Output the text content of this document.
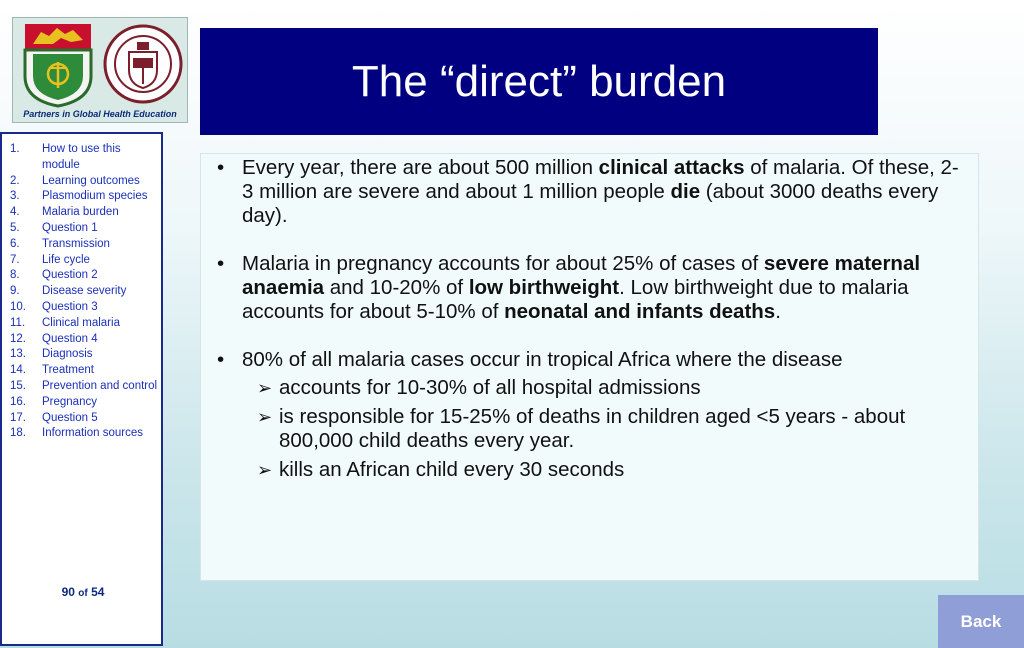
Partners in Global Health Education
The “direct” burden
1. How to use this module
2. Learning outcomes
3. Plasmodium species
4. Malaria burden
5. Question 1
6. Transmission
7. Life cycle
8. Question 2
9. Disease severity
10. Question 3
11. Clinical malaria
12. Question 4
13. Diagnosis
14. Treatment
15. Prevention and control
16. Pregnancy
17. Question 5
18. Information sources
90 of 54
• Every year, there are about 500 million clinical attacks of malaria. Of these, 2-3 million are severe and about 1 million people die (about 3000 deaths every day).
• Malaria in pregnancy accounts for about 25% of cases of severe maternal anaemia and 10-20% of low birthweight. Low birthweight due to malaria accounts for about 5-10% of neonatal and infants deaths.
• 80% of all malaria cases occur in tropical Africa where the disease
➢ accounts for 10-30% of all hospital admissions
➢ is responsible for 15-25% of deaths in children aged <5 years - about 800,000 child deaths every year.
➢ kills an African child every 30 seconds
Back
